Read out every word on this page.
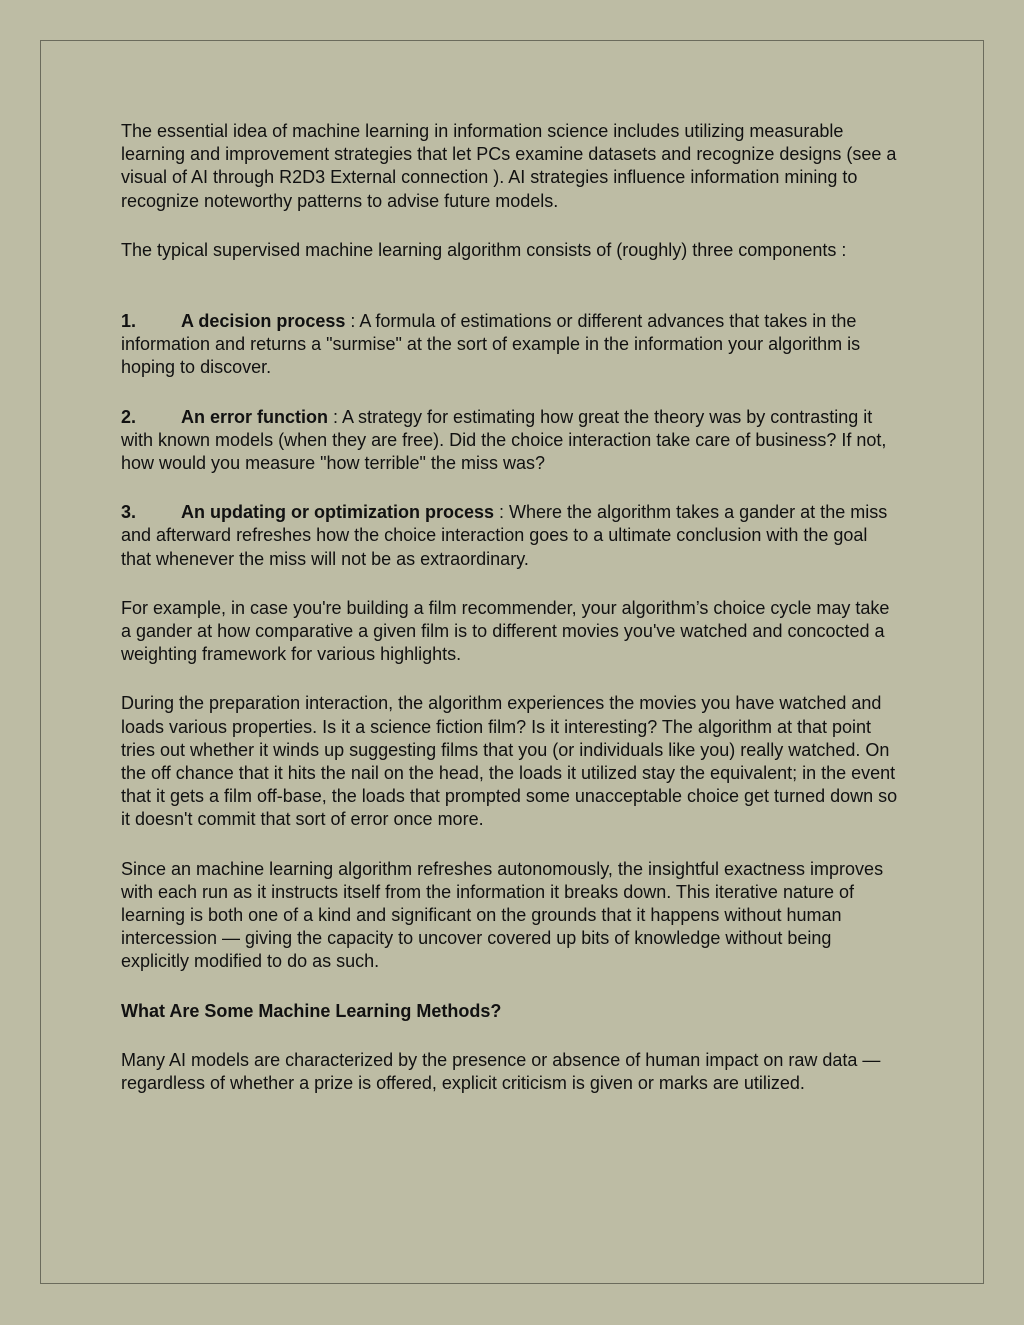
The essential idea of machine learning in information science includes utilizing measurable learning and improvement strategies that let PCs examine datasets and recognize designs (see a visual of AI through R2D3 External connection ). AI strategies influence information mining to recognize noteworthy patterns to advise future models.

The typical supervised machine learning algorithm consists of (roughly) three components :

1. A decision process : A formula of estimations or different advances that takes in the information and returns a "surmise" at the sort of example in the information your algorithm is hoping to discover.

2. An error function : A strategy for estimating how great the theory was by contrasting it with known models (when they are free). Did the choice interaction take care of business? If not, how would you measure "how terrible" the miss was?

3. An updating or optimization process : Where the algorithm takes a gander at the miss and afterward refreshes how the choice interaction goes to a ultimate conclusion with the goal that whenever the miss will not be as extraordinary.

For example, in case you're building a film recommender, your algorithm’s choice cycle may take a gander at how comparative a given film is to different movies you've watched and concocted a weighting framework for various highlights.

During the preparation interaction, the algorithm experiences the movies you have watched and loads various properties. Is it a science fiction film? Is it interesting? The algorithm at that point tries out whether it winds up suggesting films that you (or individuals like you) really watched. On the off chance that it hits the nail on the head, the loads it utilized stay the equivalent; in the event that it gets a film off-base, the loads that prompted some unacceptable choice get turned down so it doesn't commit that sort of error once more.

Since an machine learning algorithm refreshes autonomously, the insightful exactness improves with each run as it instructs itself from the information it breaks down. This iterative nature of learning is both one of a kind and significant on the grounds that it happens without human intercession — giving the capacity to uncover covered up bits of knowledge without being explicitly modified to do as such.

What Are Some Machine Learning Methods?

Many AI models are characterized by the presence or absence of human impact on raw data — regardless of whether a prize is offered, explicit criticism is given or marks are utilized.
